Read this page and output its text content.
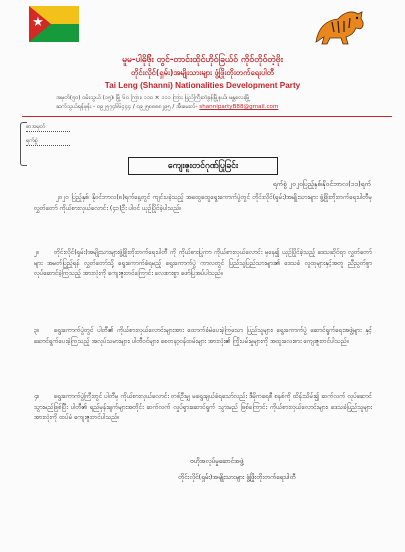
★
မူမ-ပါဓို၆ိုး တွင်-တာင်းထိုၚ်ဟိုဝ်ခြယ်ဝ် ကိုဝ်တိုဝ်တဲ့ဗိုး
တိုင်းလိုင်(ရှမ်း)အမျိုးသားများ ဖွံ့ဖြိုးတိုးတက်ရေးပါတီ
Tai Leng (Shanni) Nationalities Development Party
အမှတ်(၅၀) ဝမ်းသွယ် (၁၅)၊ မြို့ ၆၀ ကြား၊ ၁၁၀ × ၁၁၁ ကြား ပြည်ကြီးတံခွန်မြို့နယ်၊ မန္တလေးမြို့
ဆက်သွယ်ရန်ဖုန်း - ၀၉၂၅၇၄၆၆၄၄၄ / ၀၉၂၅၈၈၈၈၂၉၅ / အီးမေးလ်- shannipartyB88@gmail.com
စာအမှတ်
ရက်စွဲ
ကျေးဇူးတင်ဂုဏ်ပြုခြင်း
ရက်စွဲ ၂၀၂၀ပြည့်နှစ်၊နိုဝင်ဘာလ(၁၁)ရက်
၂၀၂၀ ပြည့်နှစ်၊ နိုဝင်ဘာလ(၈)ရက်နေ့တွင် ကျင်းပခဲ့သည့် အထွေထွေရွေးကောက်ပွဲတွင် တိုင်းလိုင်(ရှမ်း)အမျိုးသားများ ဖွံ့ဖြိုးတိုးတက်ရေးပါတီမှ လွှတ်တော် ကိုယ်စားလှယ်လောင်း (၄၁)ဦး ပါဝင် ယှဉ်ပြိုင်ခဲ့ပါသည်။
၂။ တိုင်းလိုင်(ရှမ်း)အမျိုးသားများဖွံ့ဖြိုးတိုးတက်ရေးပါတီ ကို ကိုယ်စားပြုကာ ကိုယ်စားလှယ်လောင်း မှနေ၍ ယှဉ်ပြိုင်ခဲ့သည့် ဒေသဆိုင်ရာ လွှတ်တော်များ အမတ်ပြည့်ရန် လွှတ်တော်သို့ ရွေးကောက်ခံရမည့် ရွေးကောက်ပွဲ ကာလတွင် ပြည်သူပြည်သားများ၏ ဒေသခံ လူထုများနှင့်အတူ ညီညွတ်စွာ လုပ်ဆောင်ခဲ့ကြသည့် အားလုံးကို ကျေးဇူးတင်ကြောင်း လေးစားစွာ ဖော်ပြအပ်ပါသည်။
၃။ ရွေးကောက်ပွဲတွင် ပါတီ၏ ကိုယ်စားလှယ်လောင်းများအား ထောက်ခံမဲပေးခဲ့ကြသော ပြည်သူများ၊ ရွေးကောက်ပွဲ ဆောင်ရွက်ရေးအဖွဲ့များ နှင့် ဆောင်ရွက်ပေးခဲ့ကြသည့် အလုပ်သမားများ၊ ပါတီဝင်များ၊ စေတနာ့ဝန်ထမ်းများ အားလုံး၏ ကြိုးပမ်းမှုများကို အထူးလေးစား ကျေးဇူးတင်ပါသည်။
၄။ ရွေးကောက်ပွဲကြီးတွင် ပါတီမှ ကိုယ်စားလှယ်လောင်း တစ်ဦးမျှ မရွေးချယ်ခံရသော်လည်း ဒီမိုကရေစီ စနစ်ကို ထိန်းသိမ်း၍ ဆက်လက် လုပ်ဆောင်သွားမည်ဖြစ်ပြီး ပါတီ၏ ရည်မှန်းချက်များအတိုင်း ဆက်လက် လှုပ်ရှားဆောင်ရွက် သွားမည် ဖြစ်ကြောင်း ကိုယ်စားလှယ်လောင်းများ၊ ဒေသခံပြည်သူများ အားလုံးကို ထပ်မံ ကျေးဇူးတင်ပါသည်။
ဗဟိုအလုပ်မှုဆောင်အဖွဲ့
တိုင်းလိုင်(ရှမ်း)အမျိုးသားများ ဖွံ့ဖြိုးတိုးတက်ရေးပါတီ
